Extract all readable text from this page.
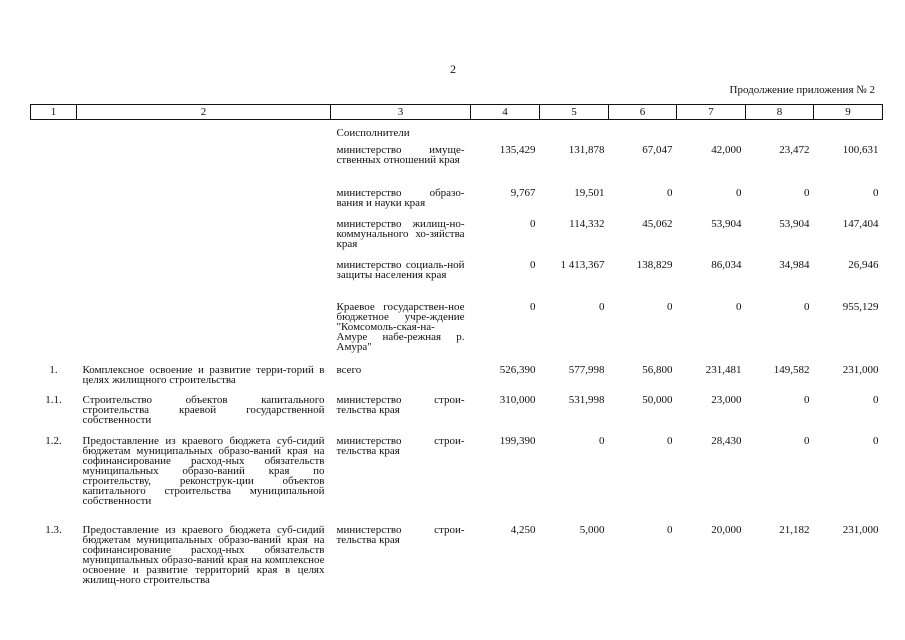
2
Продолжение приложения № 2
1	2	3	4	5	6	7	8	9
		Соисполнители						
		министерство имуще-ственных отношений края	135,429	131,878	67,047	42,000	23,472	100,631
		министерство образо-вания и науки края	9,767	19,501	0	0	0	0
		министерство жилищ-но-коммунального хо-зяйства края	0	114,332	45,062	53,904	53,904	147,404
		министерство социаль-ной защиты населения края	0	1 413,367	138,829	86,034	34,984	26,946
		Краевое государствен-ное бюджетное учре-ждение "Комсомоль-ская-на-Амуре набе-режная р. Амура"	0	0	0	0	0	955,129
1.	Комплексное освоение и развитие терри-торий в целях жилищного строительства	всего	526,390	577,998	56,800	231,481	149,582	231,000
1.1.	Строительство объектов капитального строительства краевой государственной собственности	министерство строи-тельства края	310,000	531,998	50,000	23,000	0	0
1.2.	Предоставление из краевого бюджета суб-сидий бюджетам муниципальных образо-ваний края на софинансирование расход-ных обязательств муниципальных образо-ваний края по строительству, реконструк-ции объектов капитального строительства муниципальной собственности	министерство строи-тельства края	199,390	0	0	28,430	0	0
1.3.	Предоставление из краевого бюджета суб-сидий бюджетам муниципальных образо-ваний края на софинансирование расход-ных обязательств муниципальных образо-ваний края на комплексное освоение и развитие территорий края в целях жилищ-ного строительства	министерство строи-тельства края	4,250	5,000	0	20,000	21,182	231,000
